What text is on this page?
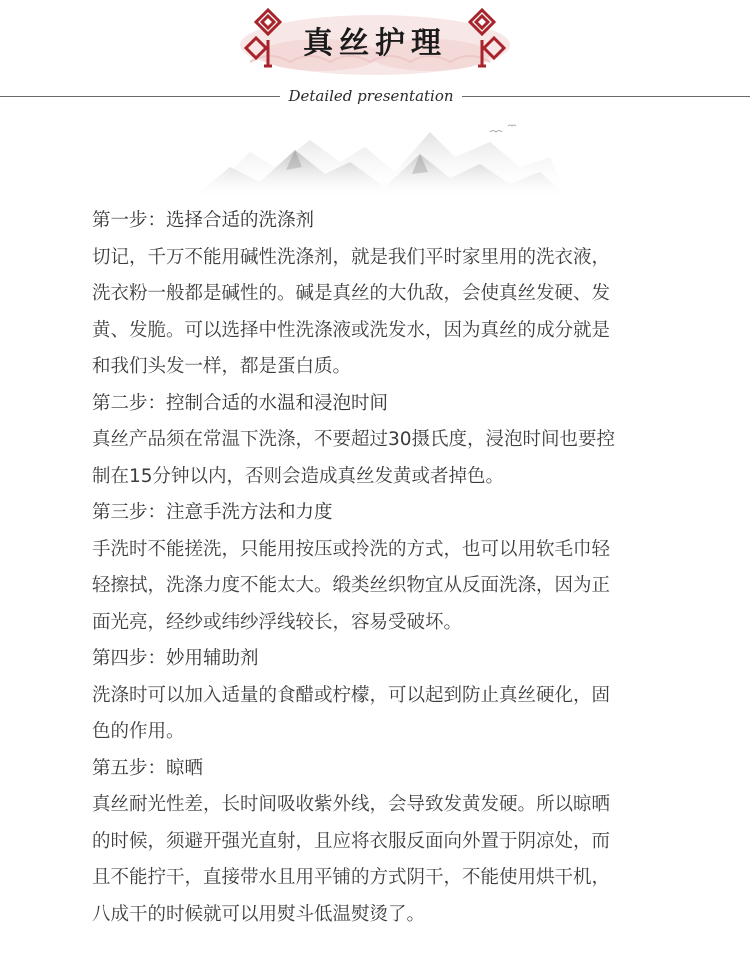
真丝护理
Detailed presentation
第一步：选择合适的洗涤剂
切记，千万不能用碱性洗涤剂，就是我们平时家里用的洗衣液，
洗衣粉一般都是碱性的。碱是真丝的大仇敌，会使真丝发硬、发
黄、发脆。可以选择中性洗涤液或洗发水，因为真丝的成分就是
和我们头发一样，都是蛋白质。
第二步：控制合适的水温和浸泡时间
真丝产品须在常温下洗涤，不要超过30摄氏度，浸泡时间也要控
制在15分钟以内，否则会造成真丝发黄或者掉色。
第三步：注意手洗方法和力度
手洗时不能搓洗，只能用按压或拎洗的方式，也可以用软毛巾轻
轻擦拭，洗涤力度不能太大。缎类丝织物宜从反面洗涤，因为正
面光亮，经纱或纬纱浮线较长，容易受破坏。
第四步：妙用辅助剂
洗涤时可以加入适量的食醋或柠檬，可以起到防止真丝硬化，固
色的作用。
第五步：晾晒
真丝耐光性差，长时间吸收紫外线，会导致发黄发硬。所以晾晒
的时候，须避开强光直射，且应将衣服反面向外置于阴凉处，而
且不能拧干，直接带水且用平铺的方式阴干，不能使用烘干机，
八成干的时候就可以用熨斗低温熨烫了。
